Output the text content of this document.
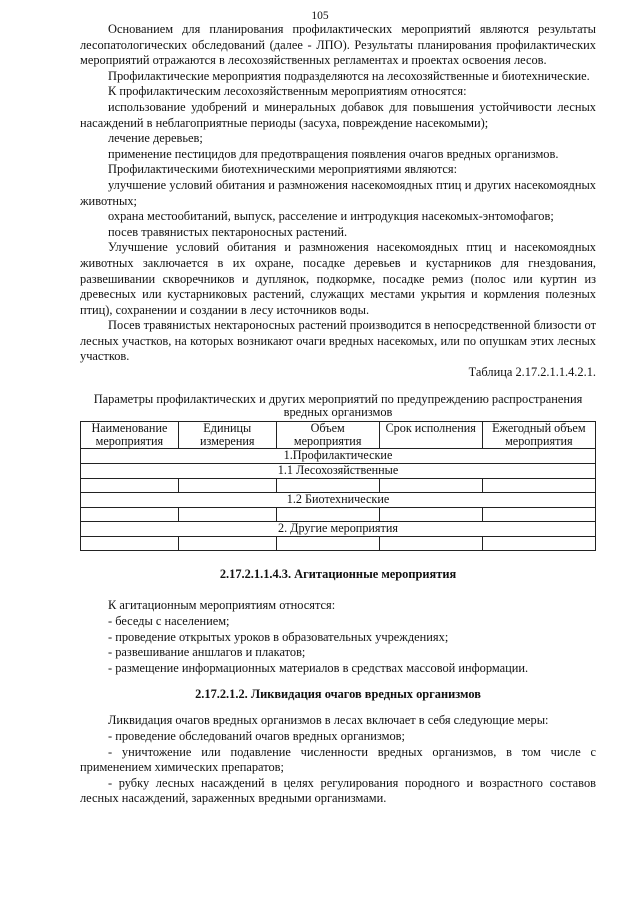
105

Основанием для планирования профилактических мероприятий являются результаты лесопатологических обследований (далее - ЛПО). Результаты планирования профилактических мероприятий отражаются в лесохозяйственных регламентах и проектах освоения лесов.

Профилактические мероприятия подразделяются на лесохозяйственные и биотехнические.

К профилактическим лесохозяйственным мероприятиям относятся:

использование удобрений и минеральных добавок для повышения устойчивости лесных насаждений в неблагоприятные периоды (засуха, повреждение насекомыми);

лечение деревьев;

применение пестицидов для предотвращения появления очагов вредных организмов.

Профилактическими биотехническими мероприятиями являются:

улучшение условий обитания и размножения насекомоядных птиц и других насекомоядных животных;

охрана местообитаний, выпуск, расселение и интродукция насекомых-энтомофагов;

посев травянистых пектароносных растений.

Улучшение условий обитания и размножения насекомоядных птиц и насекомоядных животных заключается в их охране, посадке деревьев и кустарников для гнездования, развешивании скворечников и дуплянок, подкормке, посадке ремиз (полос или куртин из древесных или кустарниковых растений, служащих местами укрытия и кормления полезных птиц), сохранении и создании в лесу источников воды.

Посев травянистых нектароносных растений производится в непосредственной близости от лесных участков, на которых возникают очаги вредных насекомых, или по опушкам этих лесных участков.

Таблица 2.17.2.1.1.4.2.1.

Параметры профилактических и других мероприятий по предупреждению распространения вредных организмов

Наименование мероприятия	Единицы измерения	Объем мероприятия	Срок исполнения	Ежегодный объем мероприятия
1.Профилактические				
1.1 Лесохозяйственные				

1.2 Биотехнические				

2. Другие мероприятия				

2.17.2.1.1.4.3. Агитационные мероприятия

К агитационным мероприятиям относятся:

- беседы с населением;

- проведение открытых уроков в образовательных учреждениях;

- развешивание аншлагов и плакатов;

- размещение информационных материалов в средствах массовой информации.

2.17.2.1.2. Ликвидация очагов вредных организмов

Ликвидация очагов вредных организмов в лесах включает в себя следующие меры:

- проведение обследований очагов вредных организмов;

- уничтожение или подавление численности вредных организмов, в том числе с применением химических препаратов;

- рубку лесных насаждений в целях регулирования породного и возрастного составов лесных насаждений, зараженных вредными организмами.
